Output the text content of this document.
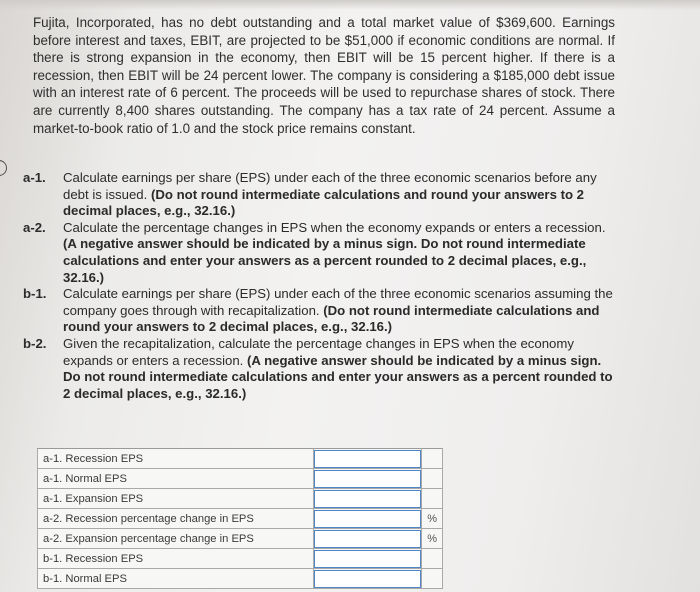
Fujita, Incorporated, has no debt outstanding and a total market value of $369,600. Earnings before interest and taxes, EBIT, are projected to be $51,000 if economic conditions are normal. If there is strong expansion in the economy, then EBIT will be 15 percent higher. If there is a recession, then EBIT will be 24 percent lower. The company is considering a $185,000 debt issue with an interest rate of 6 percent. The proceeds will be used to repurchase shares of stock. There are currently 8,400 shares outstanding. The company has a tax rate of 24 percent. Assume a market-to-book ratio of 1.0 and the stock price remains constant.

a-1. Calculate earnings per share (EPS) under each of the three economic scenarios before any debt is issued. (Do not round intermediate calculations and round your answers to 2 decimal places, e.g., 32.16.)
a-2. Calculate the percentage changes in EPS when the economy expands or enters a recession. (A negative answer should be indicated by a minus sign. Do not round intermediate calculations and enter your answers as a percent rounded to 2 decimal places, e.g., 32.16.)
b-1. Calculate earnings per share (EPS) under each of the three economic scenarios assuming the company goes through with recapitalization. (Do not round intermediate calculations and round your answers to 2 decimal places, e.g., 32.16.)
b-2. Given the recapitalization, calculate the percentage changes in EPS when the economy expands or enters a recession. (A negative answer should be indicated by a minus sign. Do not round intermediate calculations and enter your answers as a percent rounded to 2 decimal places, e.g., 32.16.)
a-1. Recession EPS	

a-1. Normal EPS	

a-1. Expansion EPS	

a-2. Recession percentage change in EPS		%
a-2. Expansion percentage change in EPS		%
b-1. Recession EPS	

b-1. Normal EPS	
